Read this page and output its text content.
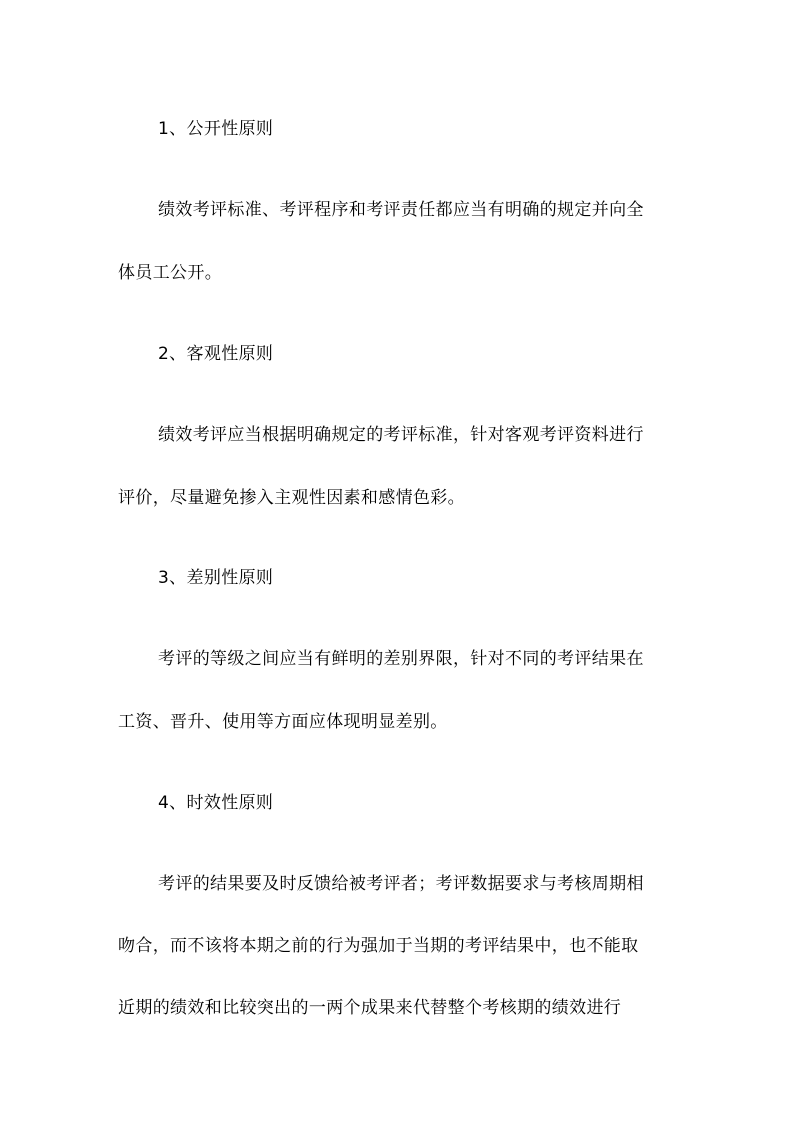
1、公开性原则
绩效考评标准、考评程序和考评责任都应当有明确的规定并向全
体员工公开。
2、客观性原则
绩效考评应当根据明确规定的考评标准，针对客观考评资料进行
评价，尽量避免掺入主观性因素和感情色彩。
3、差别性原则
考评的等级之间应当有鲜明的差别界限，针对不同的考评结果在
工资、晋升、使用等方面应体现明显差别。
4、时效性原则
考评的结果要及时反馈给被考评者；考评数据要求与考核周期相
吻合，而不该将本期之前的行为强加于当期的考评结果中，也不能取
近期的绩效和比较突出的一两个成果来代替整个考核期的绩效进行
